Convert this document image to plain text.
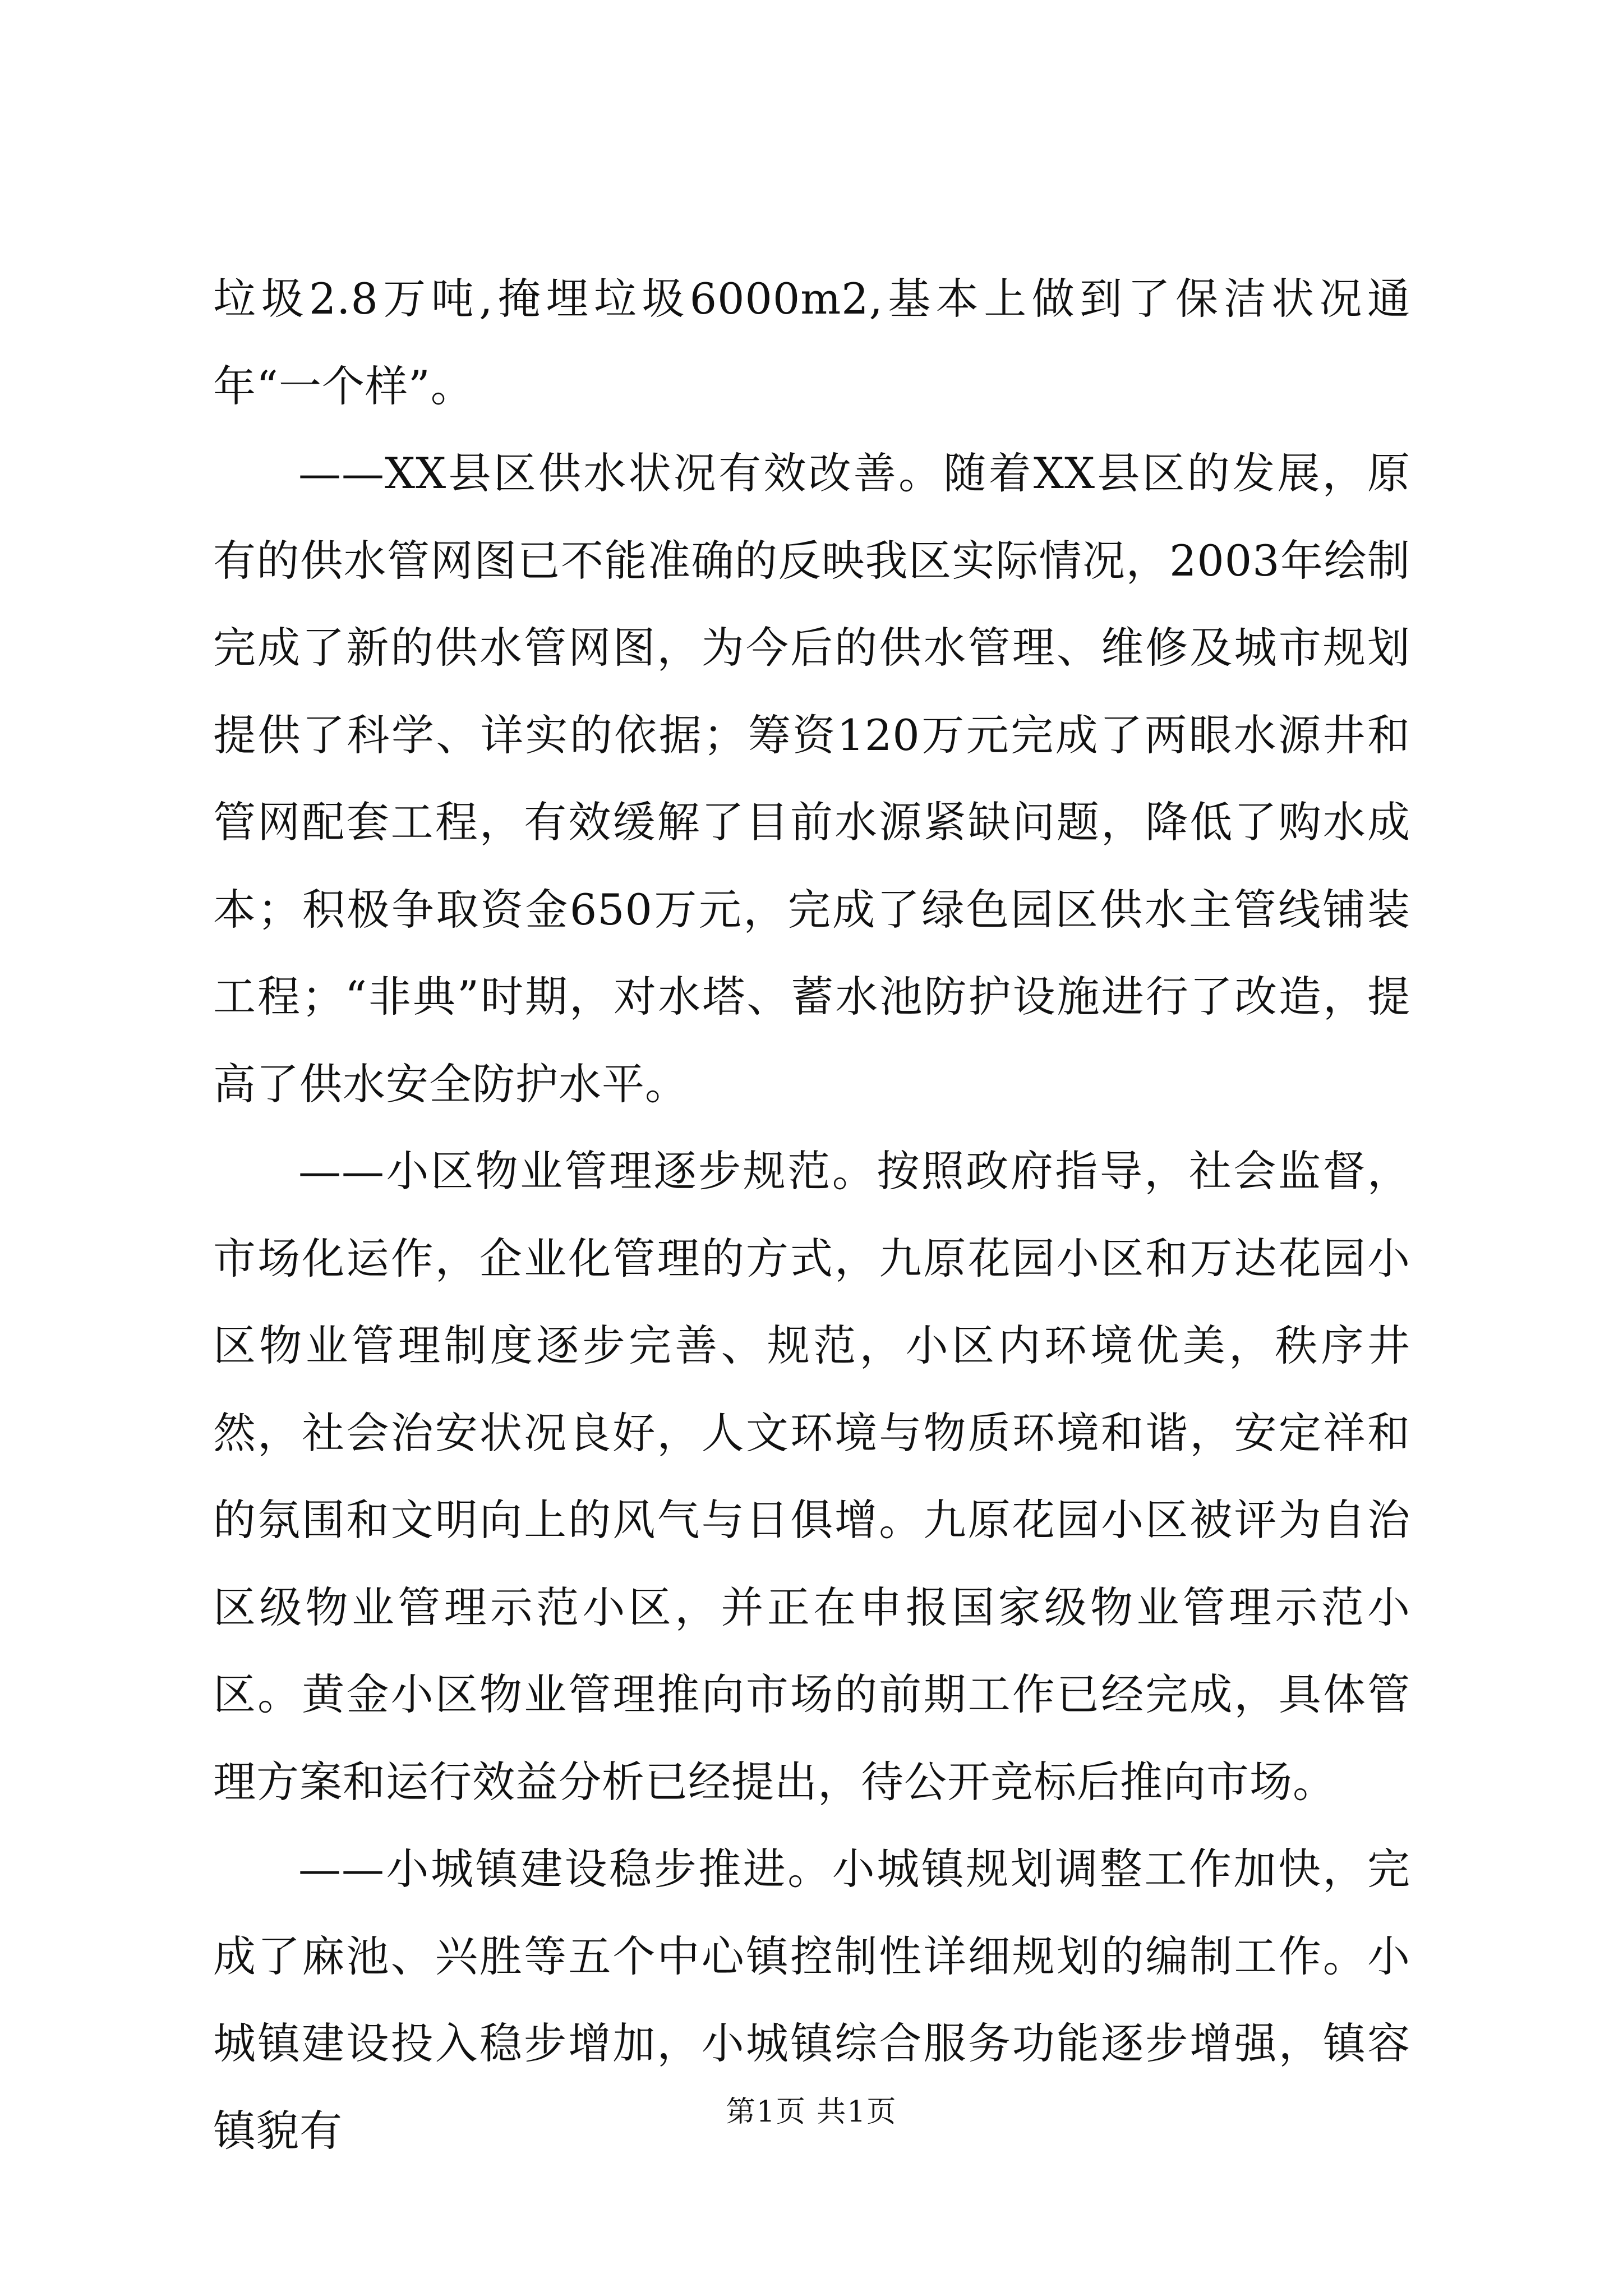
垃圾2.8万吨,掩埋垃圾6000m2,基本上做到了保洁状况通年“一个样”。

——XX县区供水状况有效改善。随着XX县区的发展，原有的供水管网图已不能准确的反映我区实际情况，2003年绘制完成了新的供水管网图，为今后的供水管理、维修及城市规划提供了科学、详实的依据；筹资120万元完成了两眼水源井和管网配套工程，有效缓解了目前水源紧缺问题，降低了购水成本；积极争取资金650万元，完成了绿色园区供水主管线铺装工程；“非典”时期，对水塔、蓄水池防护设施进行了改造，提高了供水安全防护水平。

——小区物业管理逐步规范。按照政府指导，社会监督，市场化运作，企业化管理的方式，九原花园小区和万达花园小区物业管理制度逐步完善、规范，小区内环境优美，秩序井然，社会治安状况良好，人文环境与物质环境和谐，安定祥和的氛围和文明向上的风气与日俱增。九原花园小区被评为自治区级物业管理示范小区，并正在申报国家级物业管理示范小区。黄金小区物业管理推向市场的前期工作已经完成，具体管理方案和运行效益分析已经提出，待公开竞标后推向市场。

——小城镇建设稳步推进。小城镇规划调整工作加快，完成了麻池、兴胜等五个中心镇控制性详细规划的编制工作。小城镇建设投入稳步增加，小城镇综合服务功能逐步增强，镇容镇貌有	第1页 共1页
